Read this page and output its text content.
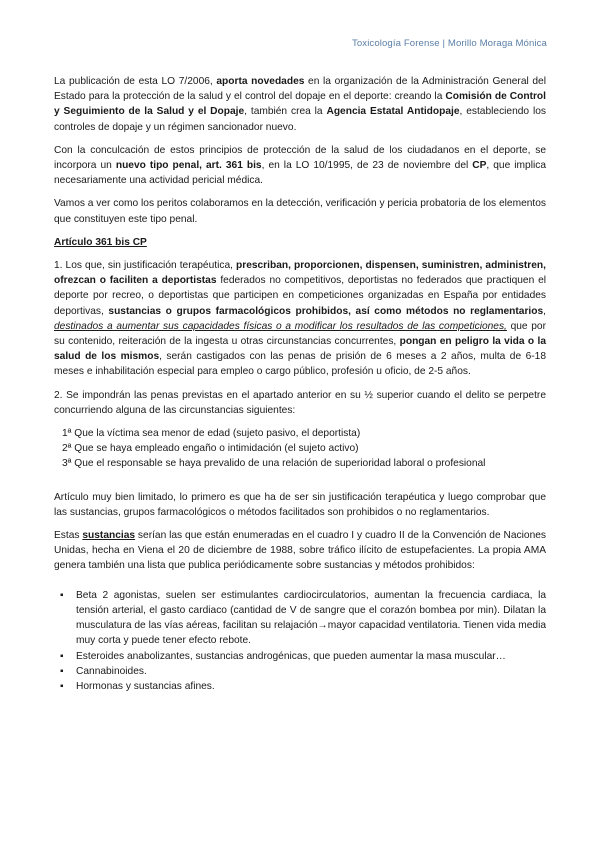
Toxicología Forense | Morillo Moraga Mónica

La publicación de esta LO 7/2006, aporta novedades en la organización de la Administración General del Estado para la protección de la salud y el control del dopaje en el deporte: creando la Comisión de Control y Seguimiento de la Salud y el Dopaje, también crea la Agencia Estatal Antidopaje, estableciendo los controles de dopaje y un régimen sancionador nuevo.

Con la conculcación de estos principios de protección de la salud de los ciudadanos en el deporte, se incorpora un nuevo tipo penal, art. 361 bis, en la LO 10/1995, de 23 de noviembre del CP, que implica necesariamente una actividad pericial médica.

Vamos a ver como los peritos colaboramos en la detección, verificación y pericia probatoria de los elementos que constituyen este tipo penal.

Artículo 361 bis CP

1. Los que, sin justificación terapéutica, prescriban, proporcionen, dispensen, suministren, administren, ofrezcan o faciliten a deportistas federados no competitivos, deportistas no federados que practiquen el deporte por recreo, o deportistas que participen en competiciones organizadas en España por entidades deportivas, sustancias o grupos farmacológicos prohibidos, así como métodos no reglamentarios, destinados a aumentar sus capacidades físicas o a modificar los resultados de las competiciones, que por su contenido, reiteración de la ingesta u otras circunstancias concurrentes, pongan en peligro la vida o la salud de los mismos, serán castigados con las penas de prisión de 6 meses a 2 años, multa de 6-18 meses e inhabilitación especial para empleo o cargo público, profesión u oficio, de 2-5 años.

2. Se impondrán las penas previstas en el apartado anterior en su ½ superior cuando el delito se perpetre concurriendo alguna de las circunstancias siguientes:

1ª Que la víctima sea menor de edad (sujeto pasivo, el deportista)
2ª Que se haya empleado engaño o intimidación (el sujeto activo)
3ª Que el responsable se haya prevalido de una relación de superioridad laboral o profesional

Artículo muy bien limitado, lo primero es que ha de ser sin justificación terapéutica y luego comprobar que las sustancias, grupos farmacológicos o métodos facilitados son prohibidos o no reglamentarios.

Estas sustancias serían las que están enumeradas en el cuadro I y cuadro II de la Convención de Naciones Unidas, hecha en Viena el 20 de diciembre de 1988, sobre tráfico ilícito de estupefacientes. La propia AMA genera también una lista que publica periódicamente sobre sustancias y métodos prohibidos:

▪ Beta 2 agonistas, suelen ser estimulantes cardiocirculatorios, aumentan la frecuencia cardiaca, la tensión arterial, el gasto cardiaco (cantidad de V de sangre que el corazón bombea por min). Dilatan la musculatura de las vías aéreas, facilitan su relajación→mayor capacidad ventilatoria. Tienen vida media muy corta y puede tener efecto rebote.
▪ Esteroides anabolizantes, sustancias androgénicas, que pueden aumentar la masa muscular…
▪ Cannabinoides.
▪ Hormonas y sustancias afines.
